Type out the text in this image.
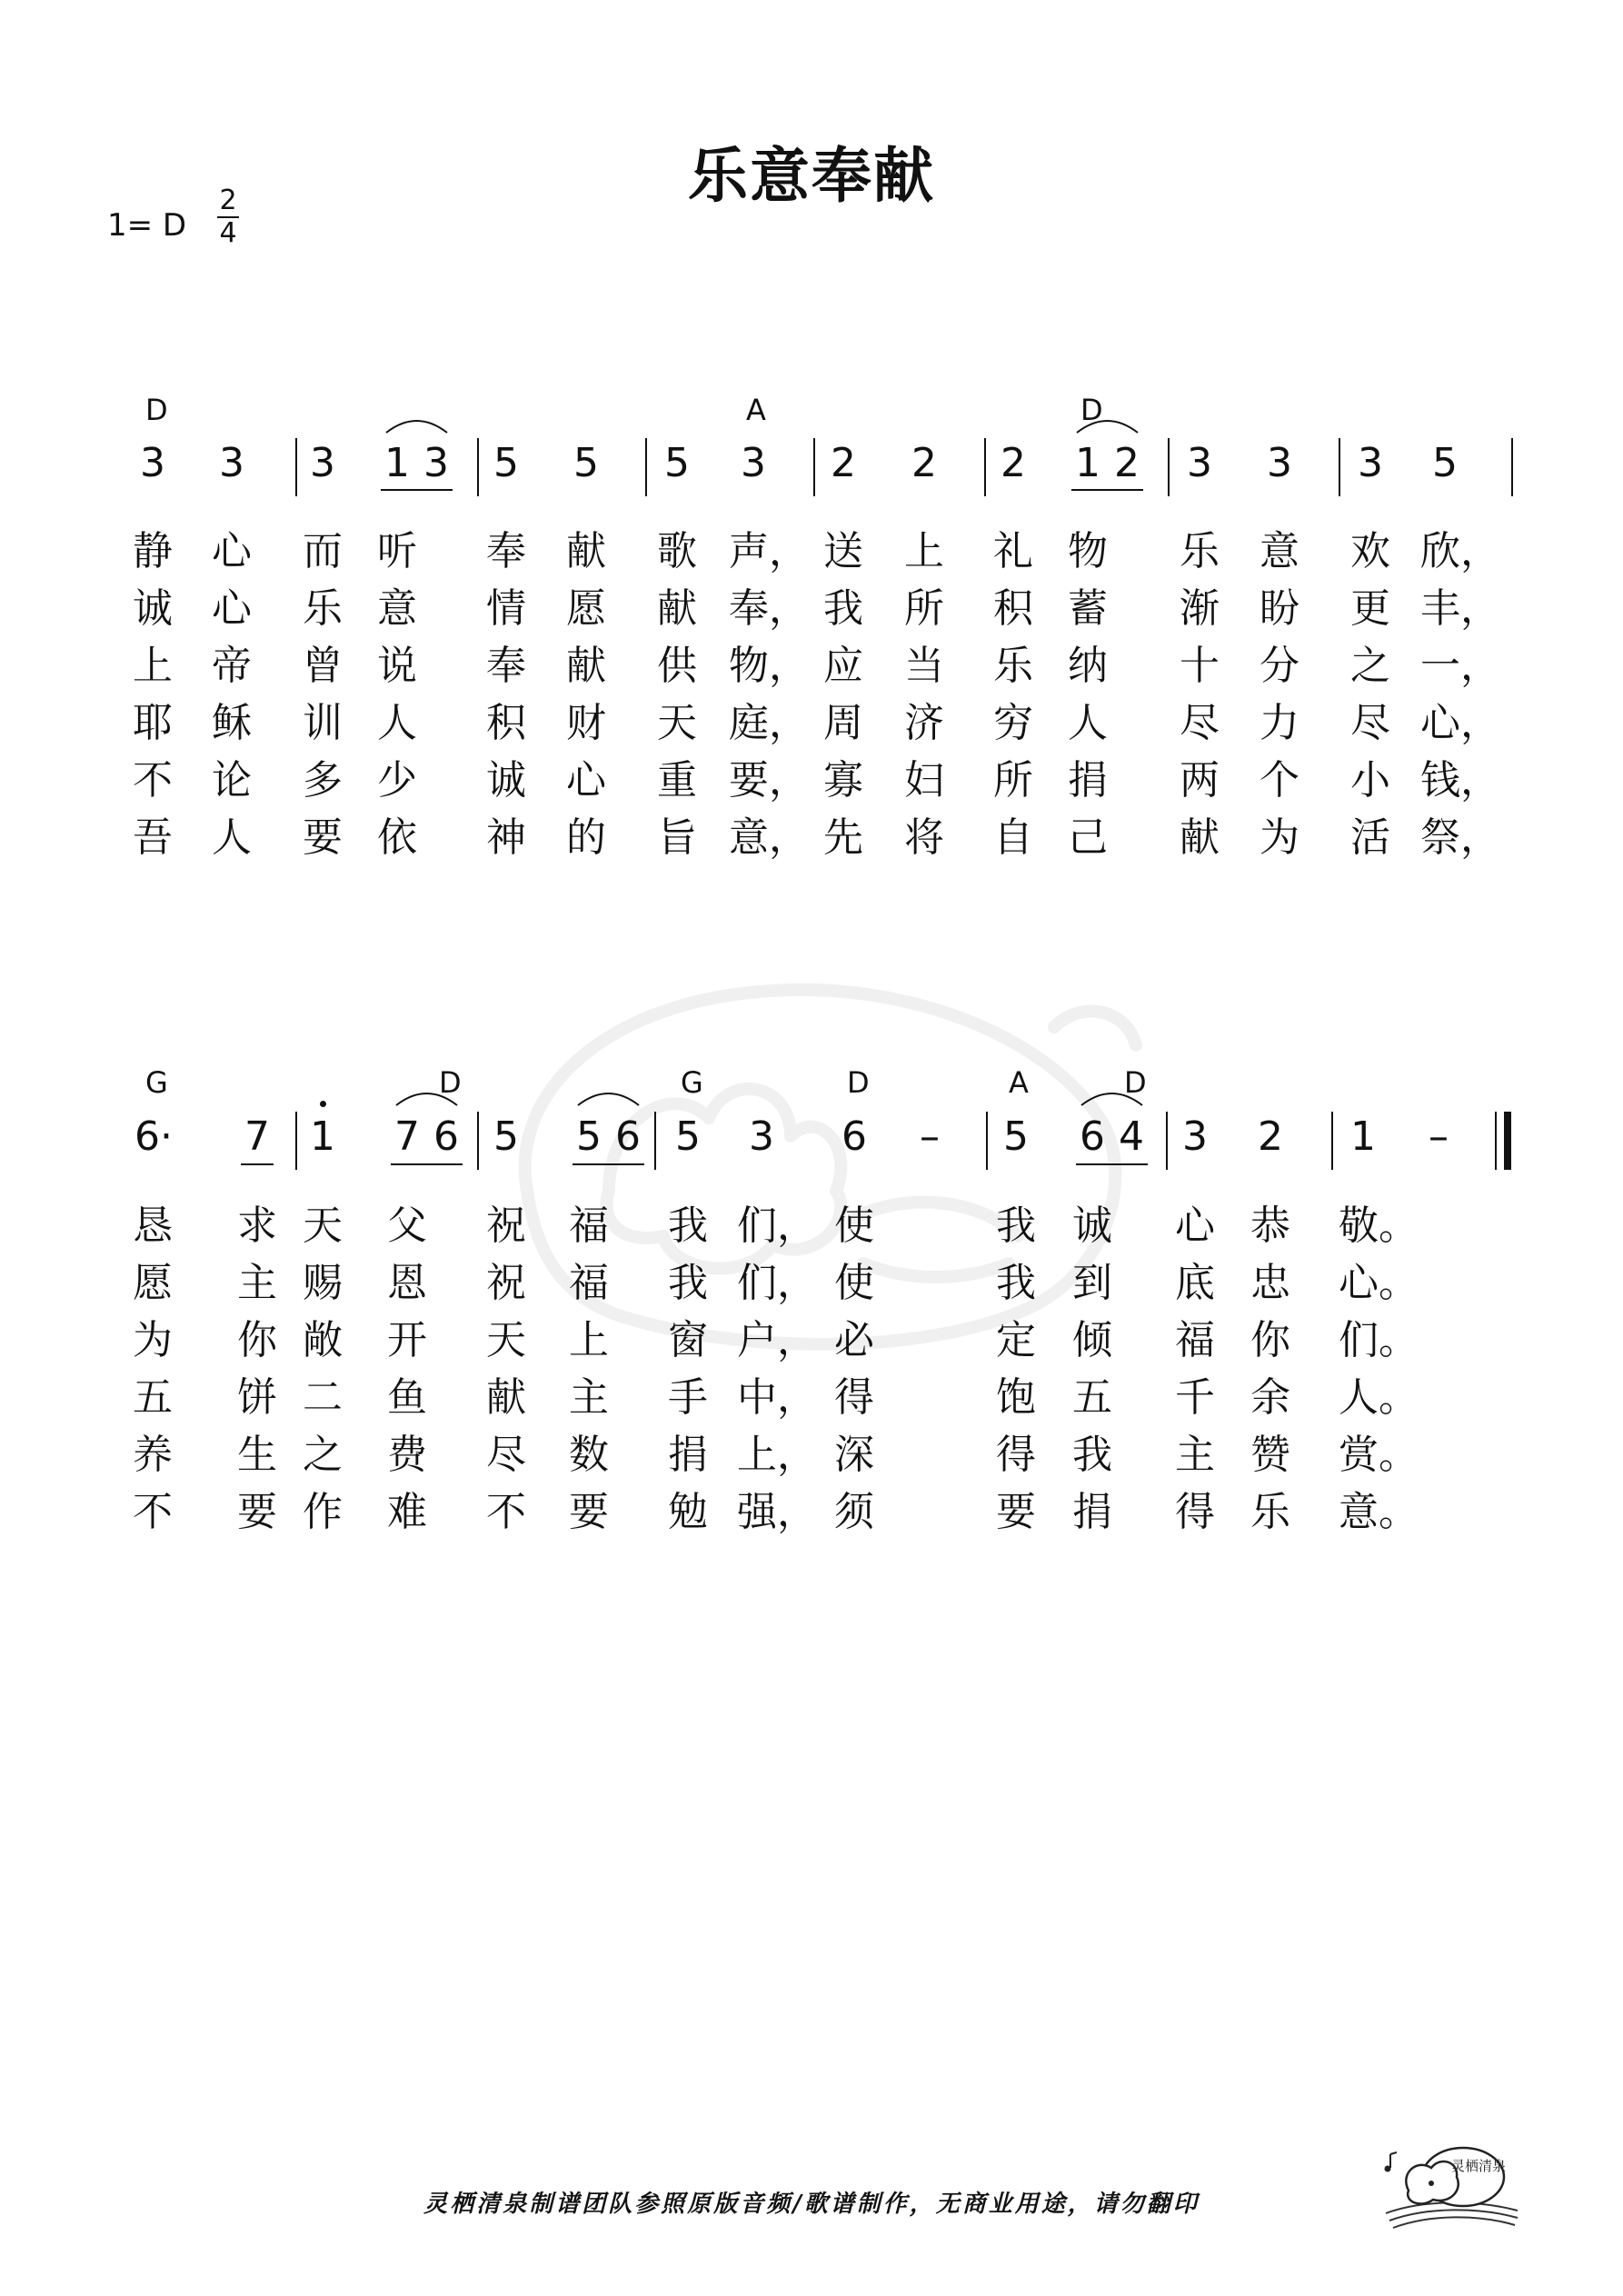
乐意奉献
1= D
2
4
D	A	D
3 3 3 1 3 5 5 5 3 2 2 2 1 2 3 3 3 5
静 心 而 听 奉 献 歌 声， 送 上 礼 物 乐 意 欢 欣，
诚 心 乐 意 情 愿 献 奉， 我 所 积 蓄 渐 盼 更 丰，
上 帝 曾 说 奉 献 供 物， 应 当 乐 纳 十 分 之 一，
耶 稣 训 人 积 财 天 庭， 周 济 穷 人 尽 力 尽 心，
不 论 多 少 诚 心 重 要， 寡 妇 所 捐 两 个 小 钱，
吾 人 要 依 神 的 旨 意， 先 将 自 己 献 为 活 祭，
G	D	G	D	A	D
6· 7 1 7 6 5 5 6 5 3 6 – 5 6 4 3 2 1 –
恳 求 天 父 祝 福 我 们， 使	我 诚 心 恭 敬。
愿 主 赐 恩 祝 福 我 们， 使	我 到 底 忠 心。
为 你 敞 开 天 上 窗 户， 必	定 倾 福 你 们。
五 饼 二 鱼 献 主 手 中， 得	饱 五 千 余 人。
养 生 之 费 尽 数 捐 上， 深	得 我 主 赞 赏。
不 要 作 难 不 要 勉 强， 须	要 捐 得 乐 意。
灵栖清泉制谱团队参照原版音频/歌谱制作，无商业用途，请勿翻印
灵栖清泉
